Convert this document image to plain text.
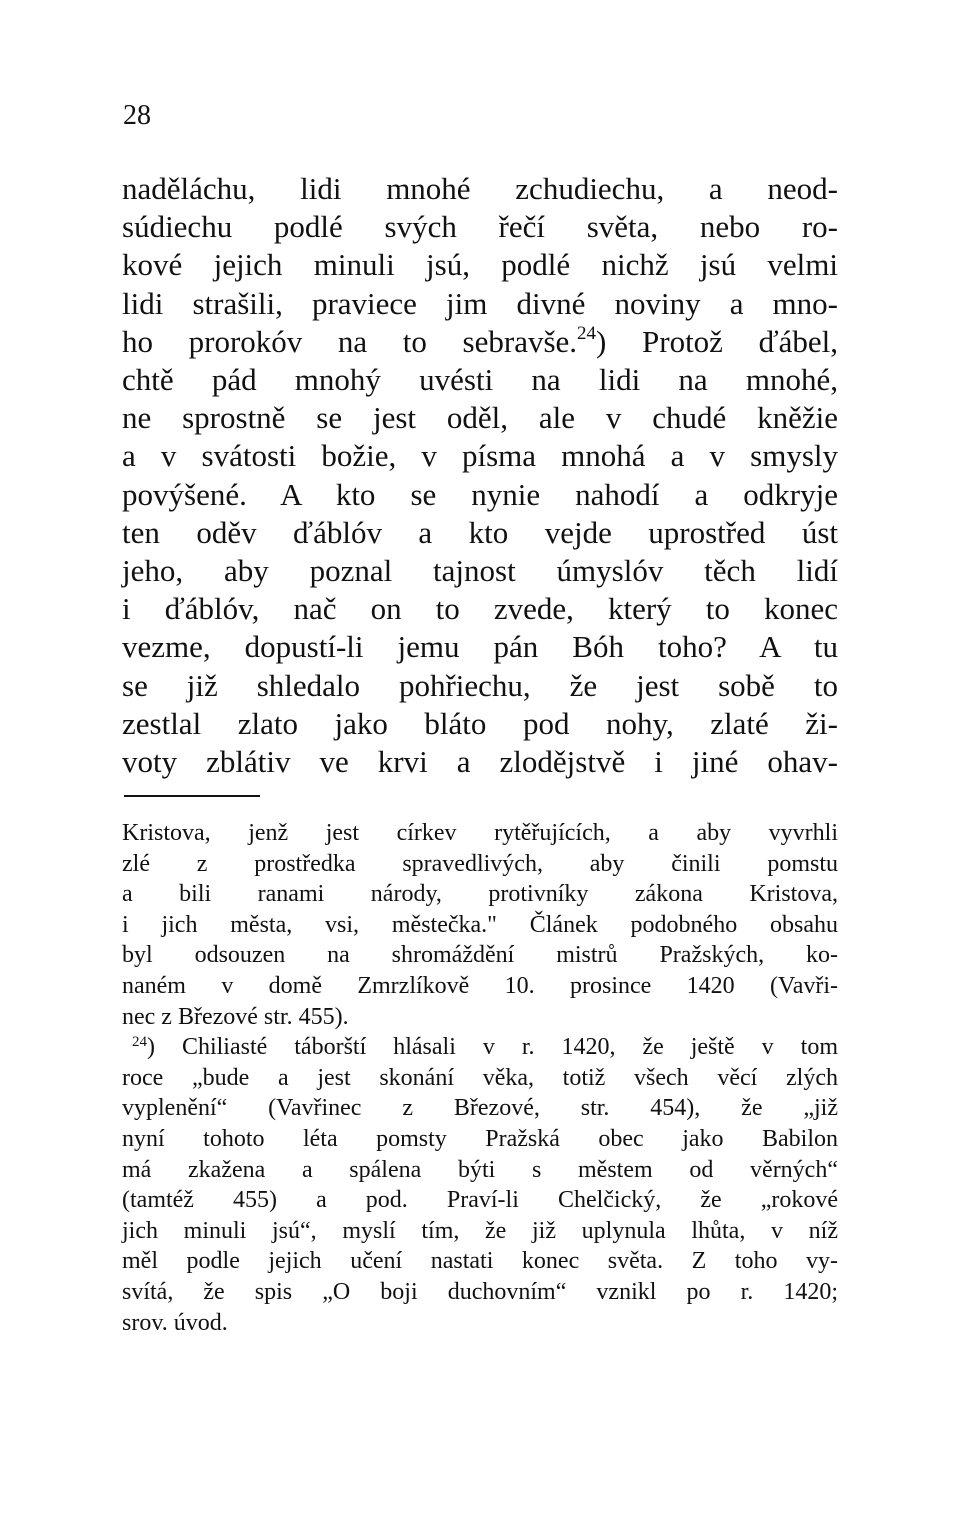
28
naděláchu, lidi mnohé zchudiechu, a neod-
súdiechu podlé svých řečí světa, nebo ro-
kové jejich minuli jsú, podlé nichž jsú velmi
lidi strašili, praviece jim divné noviny a mno-
ho prorokóv na to sebravše.$^{24}$) Protož ďábel,
chtě pád mnohý uvésti na lidi na mnohé,
ne sprostně se jest oděl, ale v chudé kněžie
a v svátosti božie, v písma mnohá a v smysly
povýšené. A kto se nynie nahodí a odkryje
ten oděv ďáblóv a kto vejde uprostřed úst
jeho, aby poznal tajnost úmyslóv těch lidí
i ďáblóv, nač on to zvede, který to konec
vezme, dopustí-li jemu pán Bóh toho? A tu
se již shledalo pohřiechu, že jest sobě to
zestlal zlato jako bláto pod nohy, zlaté ži-
voty zblátiv ve krvi a zlodějstvě i jiné ohav-
Kristova, jenž jest církev rytěřujících, a aby vyvrhli
zlé z prostředka spravedlivých, aby činili pomstu
a bili ranami národy, protivníky zákona Kristova,
i jich města, vsi, městečka." Článek podobného obsahu
byl odsouzen na shromáždění mistrů Pražských, ko-
naném v domě Zmrzlíkově 10. prosince 1420 (Vavři-
nec z Březové str. 455).
$^{24}$) Chiliasté táborští hlásali v r. 1420, že ještě v tom
roce „bude a jest skonání věka, totiž všech věcí zlých
vyplenění“ (Vavřinec z Březové, str. 454), že „již
nyní tohoto léta pomsty Pražská obec jako Babilon
má zkažena a spálena býti s městem od věrných“
(tamtéž 455) a pod. Praví-li Chelčický, že „rokové
jich minuli jsú“, myslí tím, že již uplynula lhůta, v níž
měl podle jejich učení nastati konec světa. Z toho vy-
svítá, že spis „O boji duchovním“ vznikl po r. 1420;
srov. úvod.
